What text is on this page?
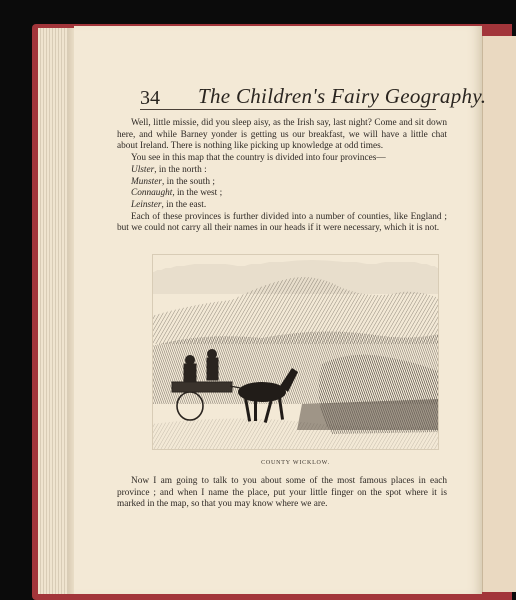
34 The Children's Fairy Geography.

Well, little missie, did you sleep aisy, as the Irish say, last night? Come and sit down here, and while Barney yonder is getting us our breakfast, we will have a little chat about Ireland. There is nothing like picking up knowledge at odd times.

You see in this map that the country is divided into four provinces—

Ulster, in the north :

Munster, in the south ;

Connaught, in the west ;

Leinster, in the east.

Each of these provinces is further divided into a number of counties, like England ; but we could not carry all their names in our heads if it were necessary, which it is not.

COUNTY WICKLOW.

Now I am going to talk to you about some of the most famous places in each province ; and when I name the place, put your little finger on the spot where it is marked in the map, so that you may know where we are.
